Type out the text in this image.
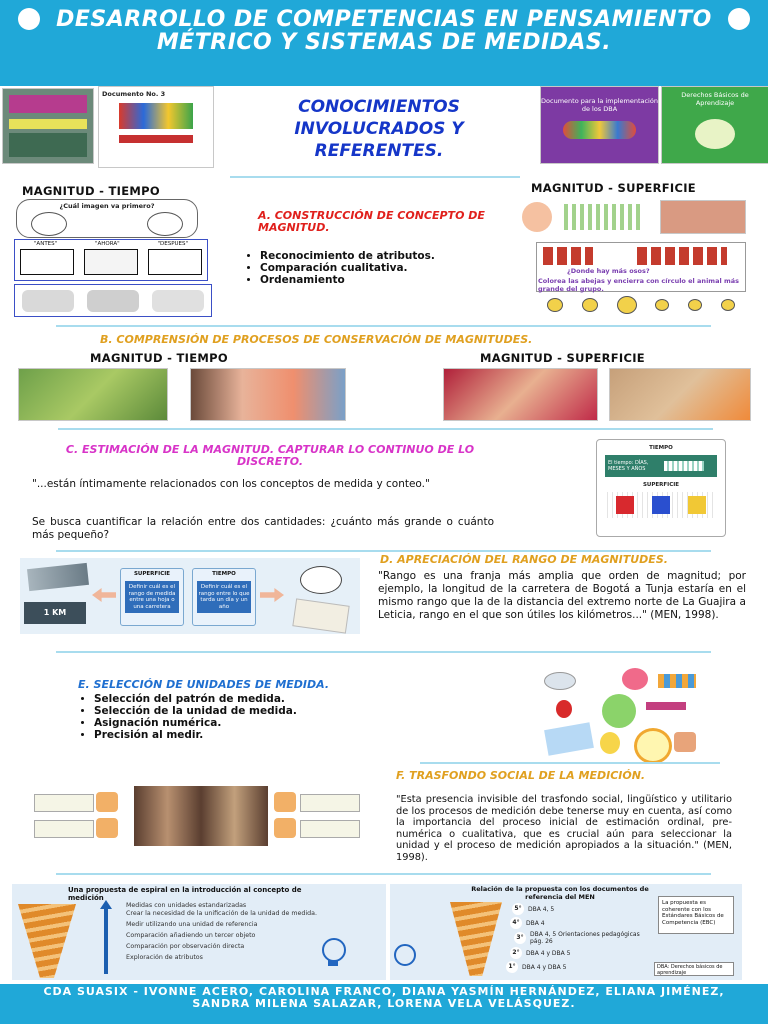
DESARROLLO DE COMPETENCIAS EN PENSAMIENTO MÉTRICO Y SISTEMAS DE MEDIDAS.
Documento No. 3
CONOCIMIENTOS INVOLUCRADOS Y REFERENTES.
Documento para la implementación de los DBA
Derechos Básicos de Aprendizaje
MAGNITUD - TIEMPO	MAGNITUD - SUPERFICIE
¿Cuál imagen va primero?
"ANTES"	"AHORA"	"DESPUES"
A. CONSTRUCCIÓN DE CONCEPTO DE MAGNITUD.
• Reconocimiento de atributos.
• Comparación cualitativa.
• Ordenamiento
¿Donde hay más osos?
Colorea las abejas y encierra con círculo el animal más grande del grupo.
B. COMPRENSIÓN DE PROCESOS DE CONSERVACIÓN DE MAGNITUDES.
MAGNITUD - TIEMPO	MAGNITUD - SUPERFICIE
C. ESTIMACIÓN DE LA MAGNITUD. CAPTURAR LO CONTINUO DE LO DISCRETO.
"...están íntimamente relacionados con los conceptos de medida y conteo."
Se busca cuantificar la relación entre dos cantidades: ¿cuánto más grande o cuánto más pequeño?
TIEMPO
El tiempo: DÍAS, MESES Y AÑOS
SUPERFICIE
1 KM
SUPERFICIE
Definir cuál es el rango de medida entre una hoja o una carretera
TIEMPO
Definir cuál es el rango entre lo que tarda un día y un año
D. APRECIACIÓN DEL RANGO DE MAGNITUDES.
"Rango es una franja más amplia que orden de magnitud; por ejemplo, la longitud de la carretera de Bogotá a Tunja estaría en el mismo rango que la de la distancia del extremo norte de La Guajira a Leticia, rango en el que son útiles los kilómetros..." (MEN, 1998).
E. SELECCIÓN DE UNIDADES DE MEDIDA.
• Selección del patrón de medida.
• Selección de la unidad de medida.
• Asignación numérica.
• Precisión al medir.
F. TRASFONDO SOCIAL DE LA MEDICIÓN.
"Esta presencia invisible del trasfondo social, lingüístico y utilitario de los procesos de medición debe tenerse muy en cuenta, así como la importancia del proceso inicial de estimación ordinal, pre-numérica o cualitativa, que es crucial aún para seleccionar la unidad y el proceso de medición apropiados a la situación." (MEN, 1998).
Una propuesta de espiral en la introducción al concepto de medición
Medidas con unidades estandarizadas
Crear la necesidad de la unificación de la unidad de medida.
Medir utilizando una unidad de referencia
Comparación añadiendo un tercer objeto
Comparación por observación directa
Exploración de atributos
Relación de la propuesta con los documentos de referencia del MEN
5°	DBA 4, 5
4°	DBA 4
3°	DBA 4, 5 Orientaciones pedagógicas pág. 26
2°	DBA 4 y DBA 5
1°	DBA 4 y DBA 5
La propuesta es coherente con los Estándares Básicos de Competencia (EBC)
DBA: Derechos básicos de aprendizaje
CDA SUASIX - IVONNE ACERO, CAROLINA FRANCO, DIANA YASMÍN HERNÁNDEZ, ELIANA JIMÉNEZ, SANDRA MILENA SALAZAR, LORENA VELA VELÁSQUEZ.
